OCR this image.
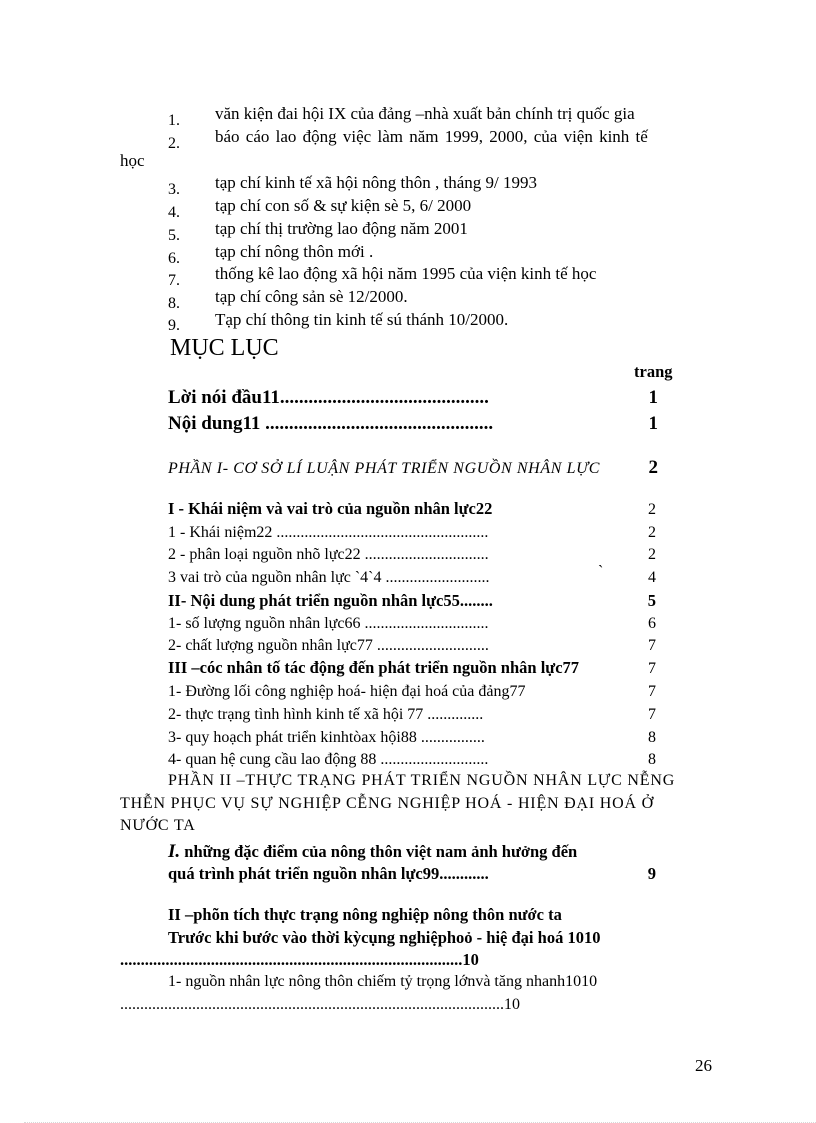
1. văn kiện đai hội IX của đảng –nhà xuất bản chính trị quốc gia
2. báo cáo lao động việc làm năm 1999, 2000, của viện kinh tế
học
3. tạp chí kinh tế xã hội nông thôn , tháng 9/ 1993
4. tạp chí con số & sự kiện sè 5, 6/ 2000
5. tạp chí thị trường lao động năm 2001
6. tạp chí nông thôn mới .
7. thống kê lao động xã hội năm 1995 của viện kinh tế học
8. tạp chí công sản sè 12/2000.
9. Tạp chí thông tin kinh tế sú thánh 10/2000.
MỤC LỤC
trang
Lời nói đầu11............................................	1
Nội dung11 ................................................	1
PHẦN I- CƠ SỞ LÍ LUẬN PHÁT TRIỂN NGUỒN NHÂN LỰC	2
I - Khái niệm và vai trò của nguồn nhân lực22	2
1 - Khái niệm22 .....................................................	2
2 - phân loại nguồn nhõ lực22 ...............................	2
3 vai trò của nguồn nhân lực `4`4 ..........................	`	4
II- Nội dung phát triển nguồn nhân lực55........	5
1- số lượng nguồn nhân lực66 ...............................	6
2- chất lượng nguồn nhân lực77 ............................	7
III –cóc nhân tố tác động đến phát triển nguồn nhân lực77	7
1- Đường lối công nghiệp hoá- hiện đại hoá của đảng77	7
2- thực trạng tình hình kinh tế xã hội 77 ..............	7
3- quy hoạch phát triển kinhtòax hội88 ................	8
4- quan hệ cung cầu lao động 88 ...........................	8
PHẦN II –THỰC TRẠNG PHÁT TRIỂN NGUỒN NHÂN LỰC NỄNG
THỄN PHỤC VỤ SỰ NGHIỆP CỄNG NGHIỆP HOÁ - HIỆN ĐẠI HOÁ Ở
NƯỚC TA
I. những đặc điểm của nông thôn việt nam ảnh hưởng đến
quá trình phát triển nguồn nhân lực99............	9
II –phõn tích thực trạng nông nghiệp nông thôn nước ta
Trước khi bước vào thời kỳcụng nghiệphoỏ - hiệ đại hoá 1010
...................................................................................10
1- nguồn nhân lực nông thôn chiếm tỷ trọng lớnvà tăng nhanh1010
................................................................................................10
26
